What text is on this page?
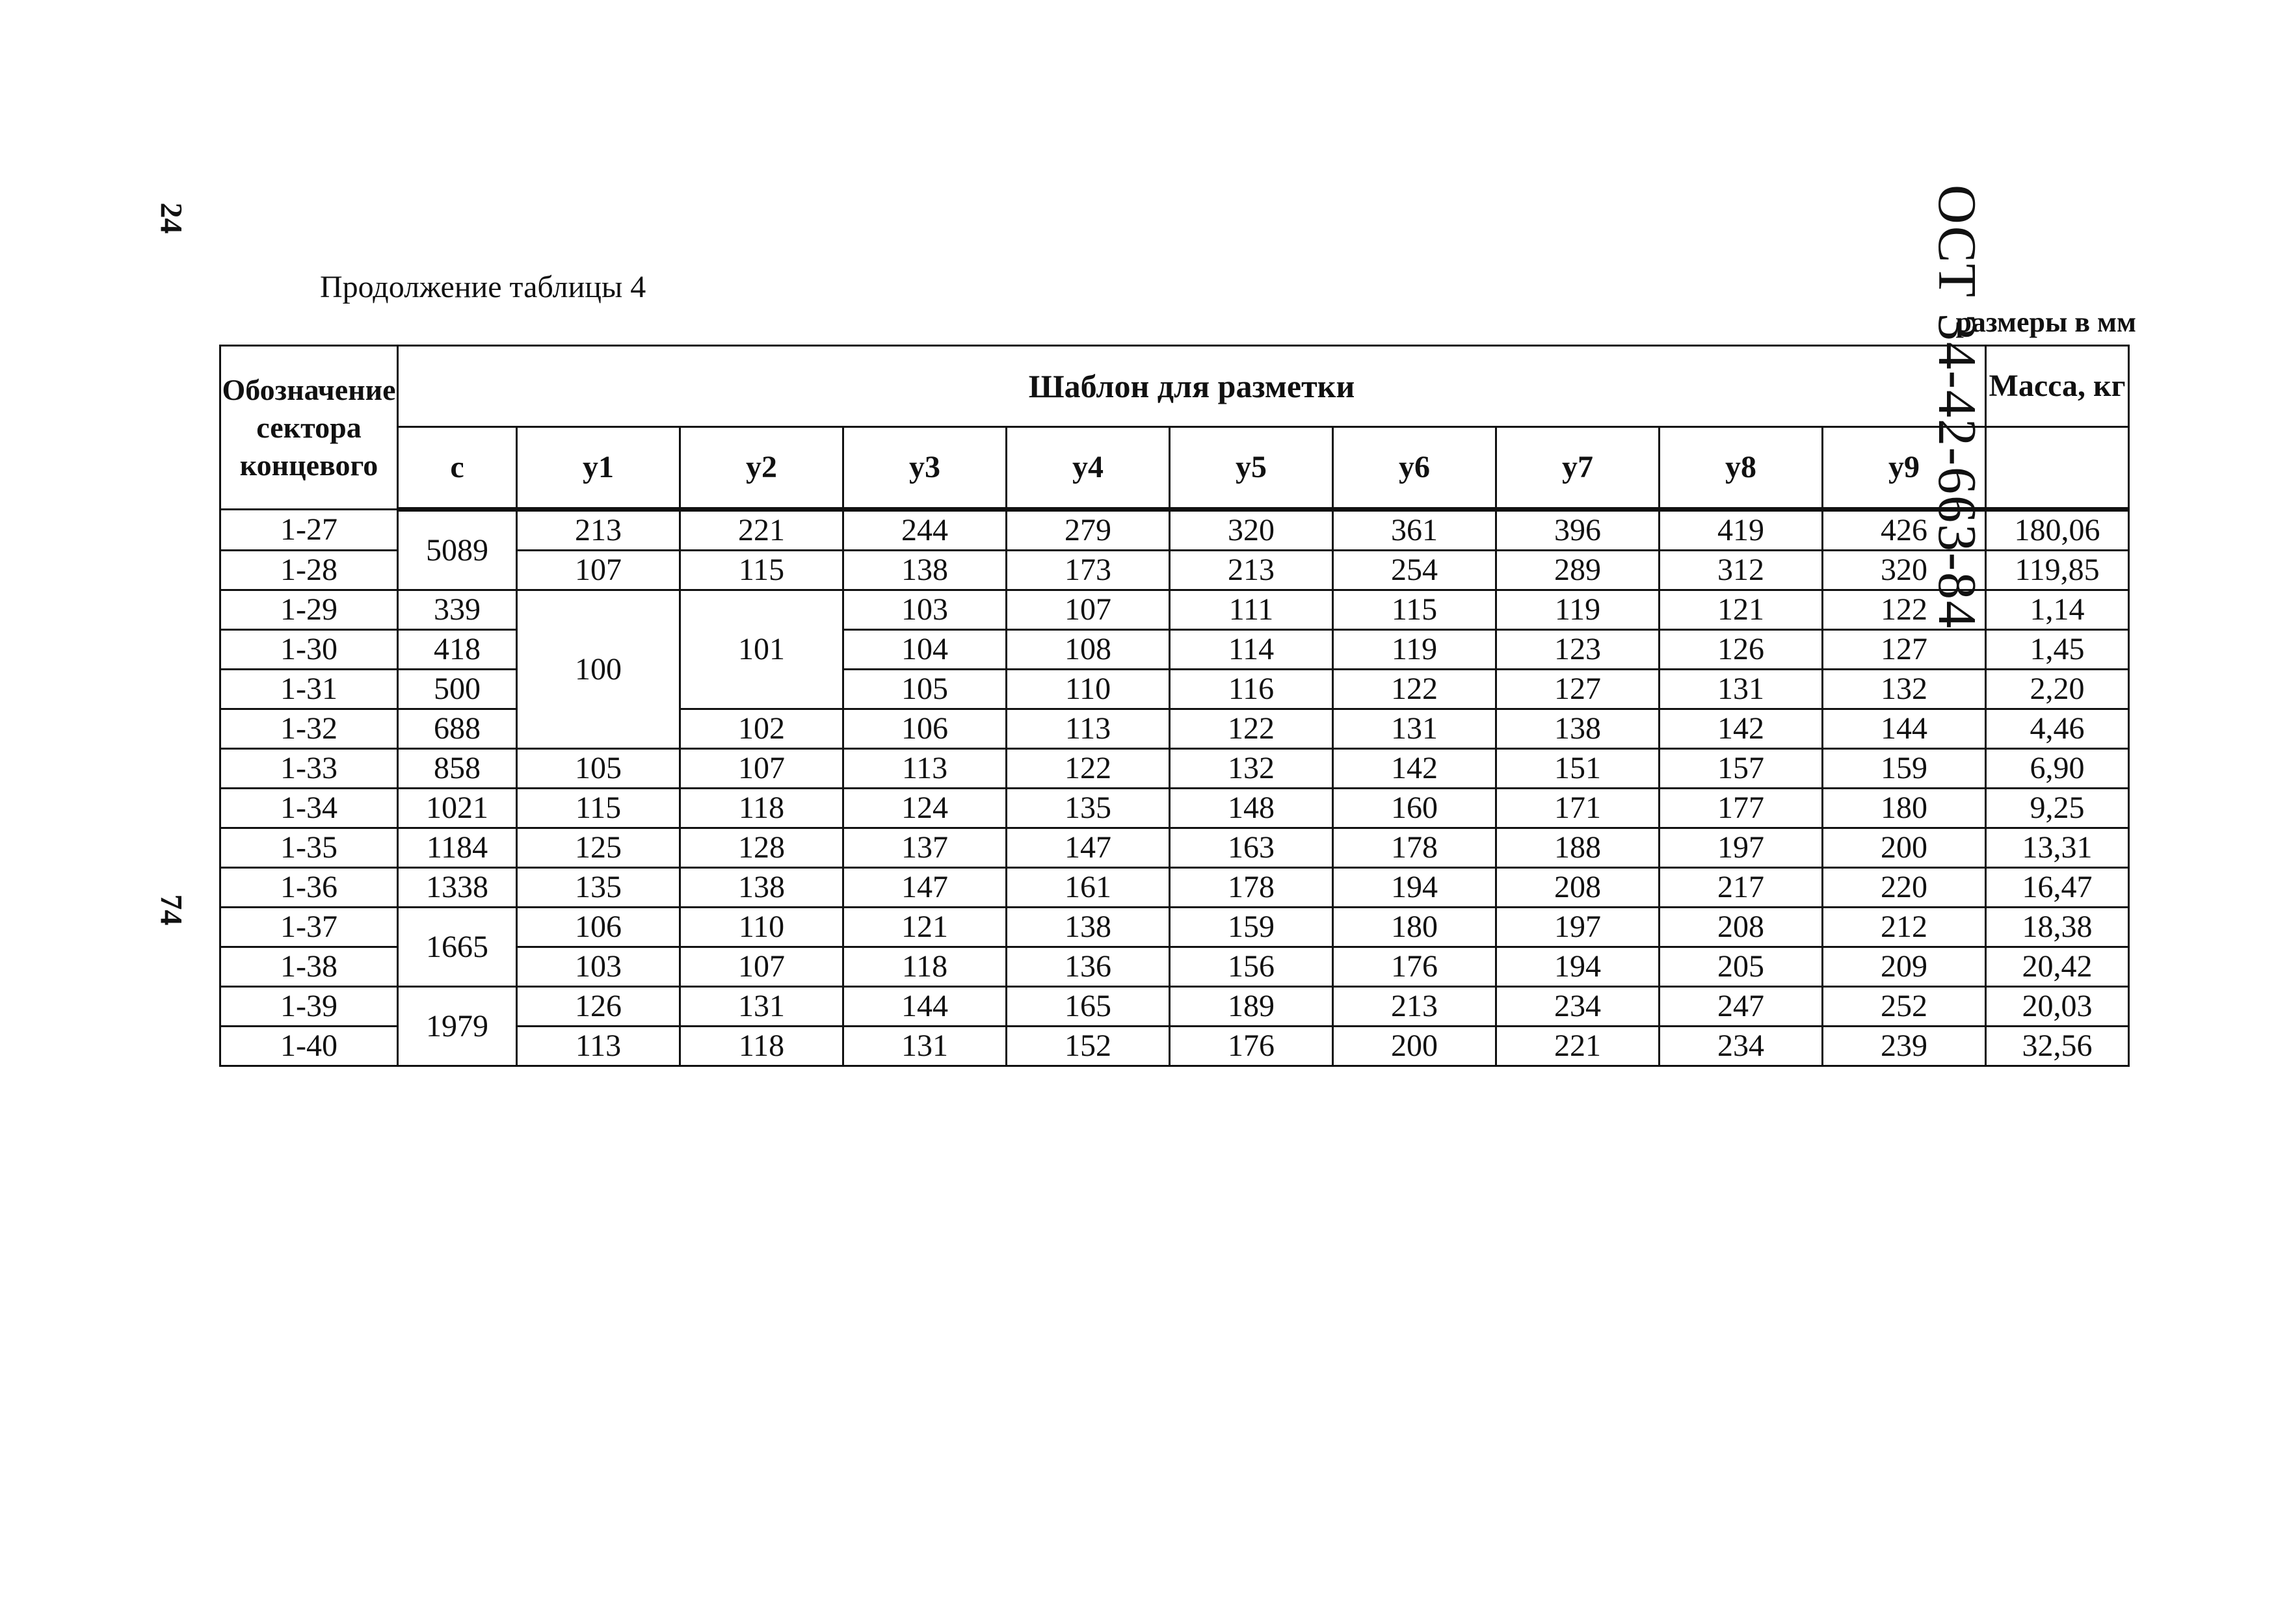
24
74
ОСТ 34-42-663-84
Продолжение таблицы 4
размеры в мм
Обозначение сектора концевого	Шаблон для разметки										Масса, кг
	c	y1	y2	y3	y4	y5	y6	y7	y8	y9	
1-27	5089	213	221	244	279	320	361	396	419	426	180,06
1-28		107	115	138	173	213	254	289	312	320	119,85
1-29	339	100	101	103	107	111	115	119	121	122	1,14
1-30	418			104	108	114	119	123	126	127	1,45
1-31	500			105	110	116	122	127	131	132	2,20
1-32	688		102	106	113	122	131	138	142	144	4,46
1-33	858	105	107	113	122	132	142	151	157	159	6,90
1-34	1021	115	118	124	135	148	160	171	177	180	9,25
1-35	1184	125	128	137	147	163	178	188	197	200	13,31
1-36	1338	135	138	147	161	178	194	208	217	220	16,47
1-37	1665	106	110	121	138	159	180	197	208	212	18,38
1-38		103	107	118	136	156	176	194	205	209	20,42
1-39	1979	126	131	144	165	189	213	234	247	252	20,03
1-40		113	118	131	152	176	200	221	234	239	32,56
